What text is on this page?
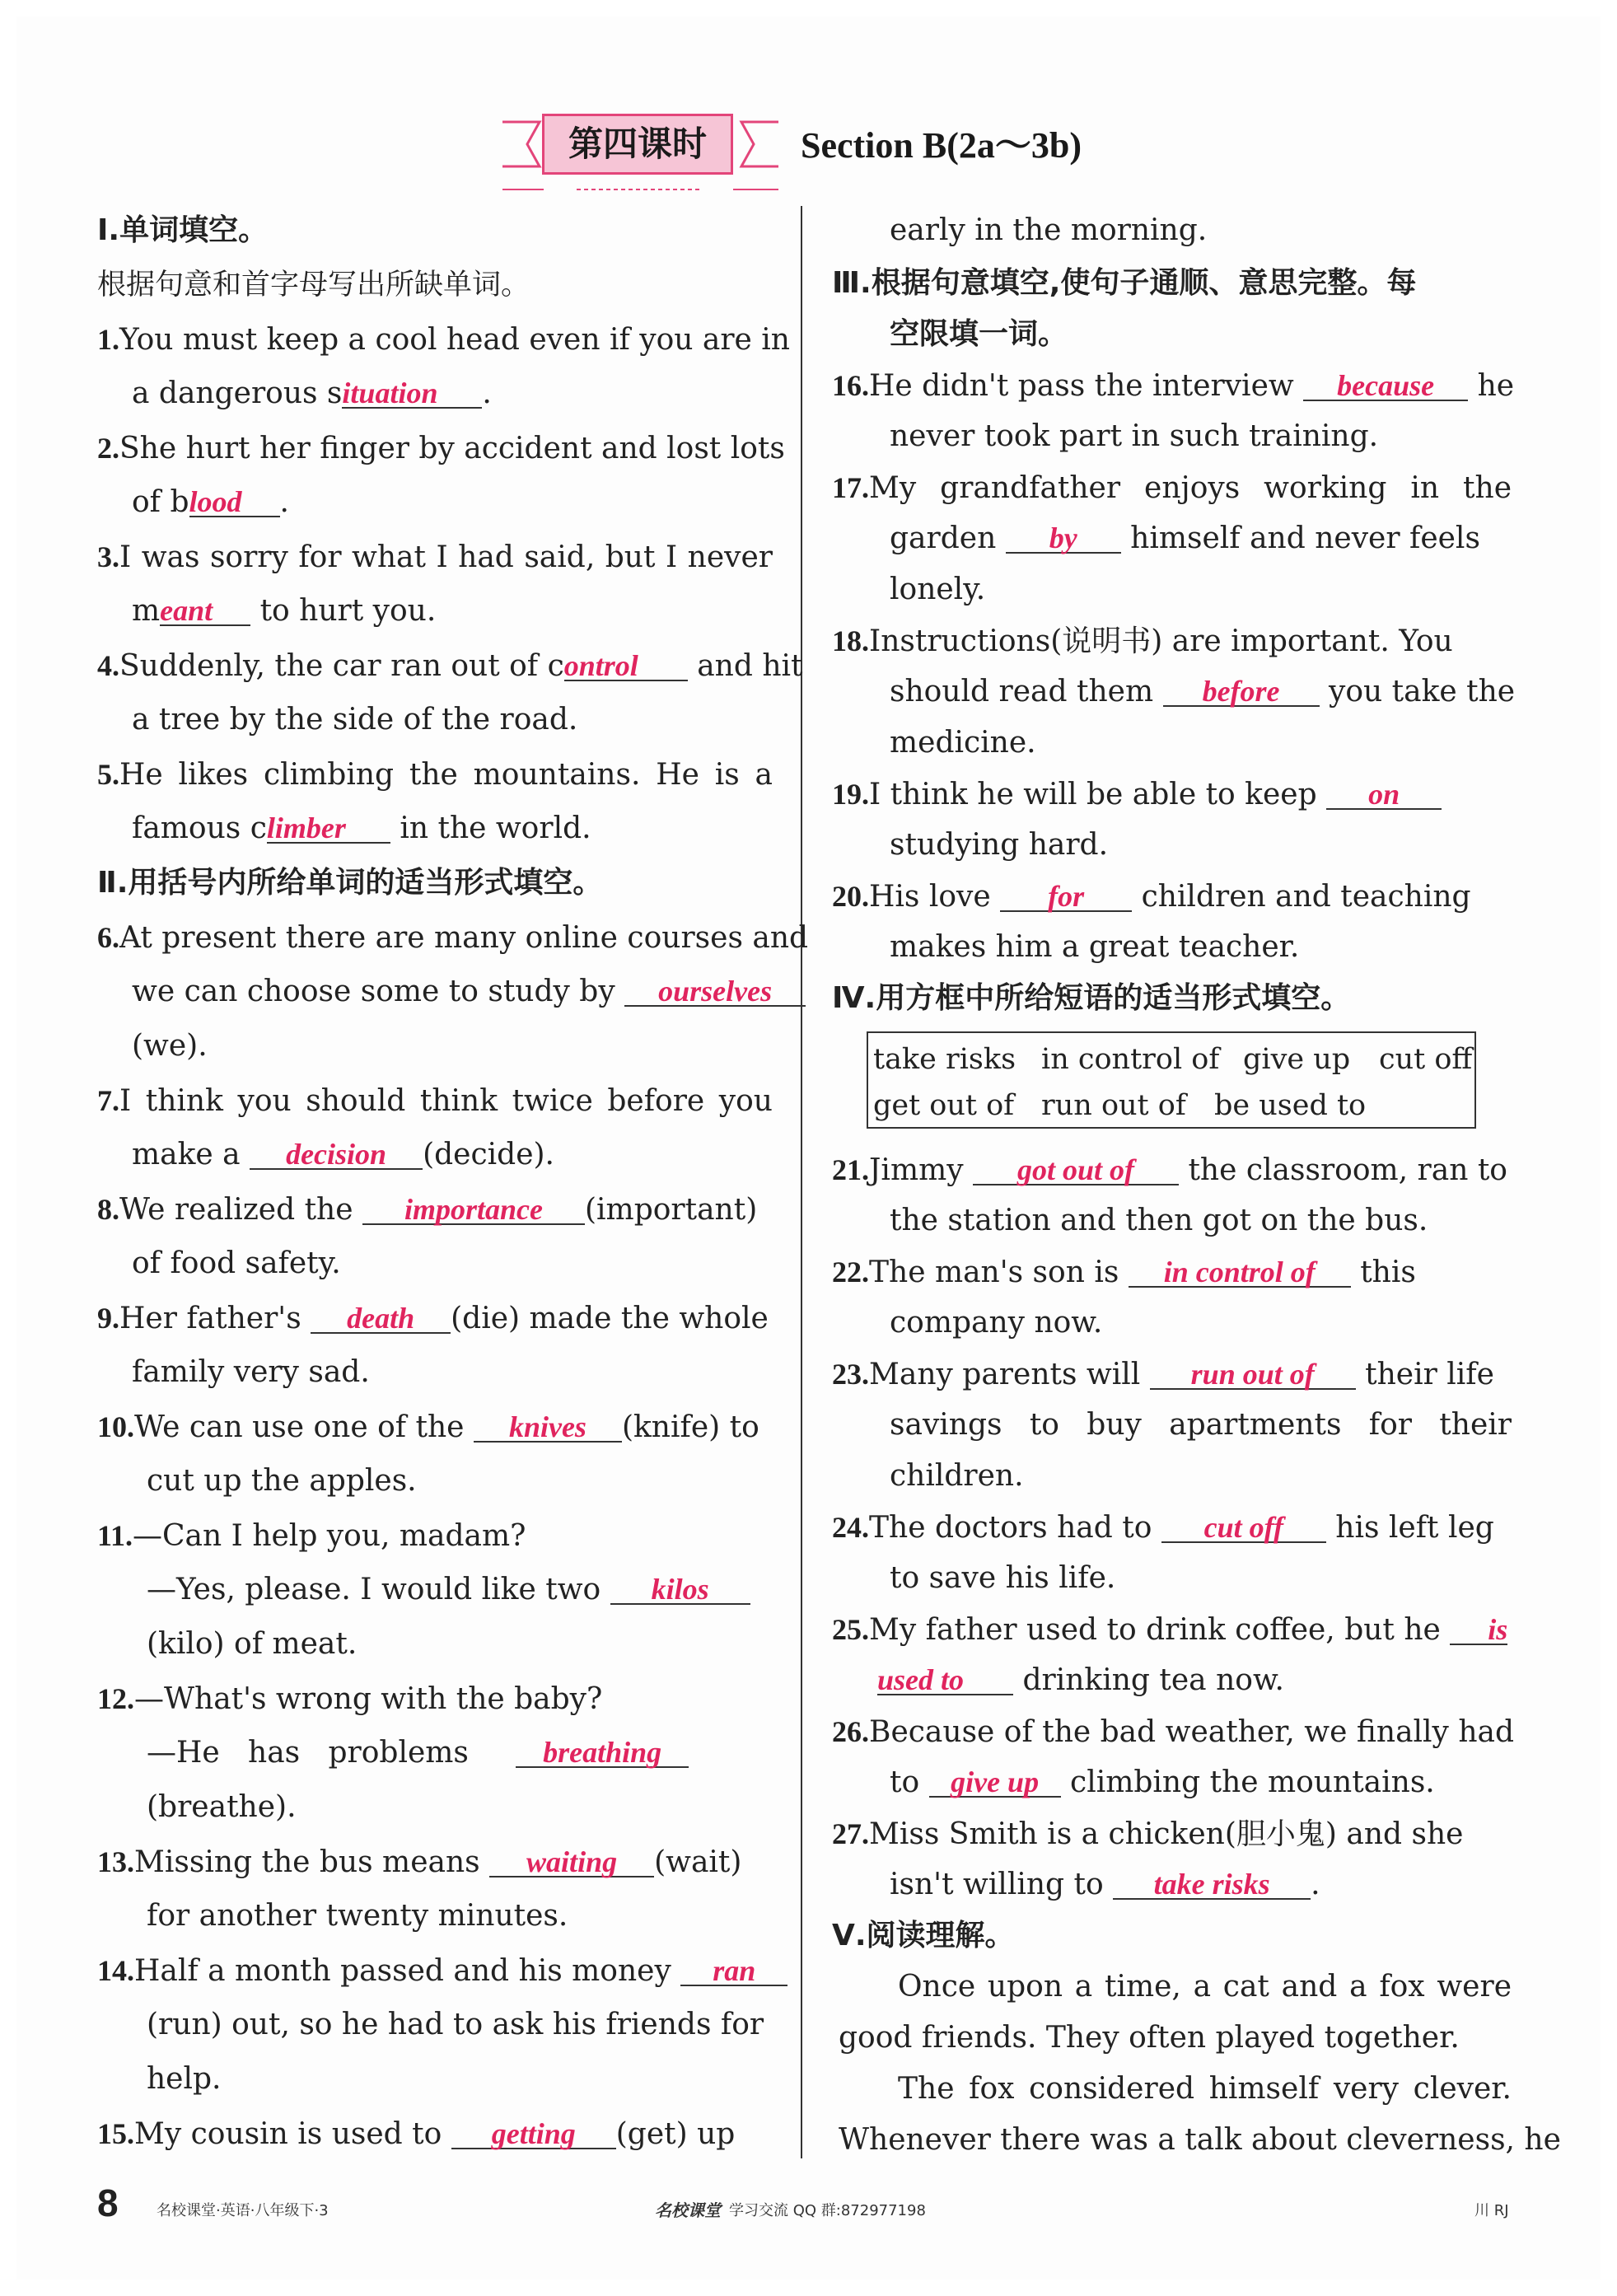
第四课时	Section B(2a～3b)
Ⅰ.单词填空。
根据句意和首字母写出所缺单词。
1.You must keep a cool head even if you are in
a dangerous situation .
2.She hurt her finger by accident and lost lots
of blood .
3.I was sorry for what I had said, but I never
meant to hurt you.
4.Suddenly, the car ran out of control and hit
a tree by the side of the road.
5.He likes climbing the mountains. He is a
famous climber in the world.
Ⅱ.用括号内所给单词的适当形式填空。
6.At present there are many online courses and
we can choose some to study by ourselves
(we).
7.I think you should think twice before you
make a decision (decide).
8.We realized the importance (important)
of food safety.
9.Her father's death (die) made the whole
family very sad.
10.We can use one of the knives (knife) to
cut up the apples.
11.—Can I help you, madam?
—Yes, please. I would like two kilos
(kilo) of meat.
12.—What's wrong with the baby?
—He   has   problems	breathing
(breathe).
13.Missing the bus means waiting (wait)
for another twenty minutes.
14.Half a month passed and his money ran
(run) out, so he had to ask his friends for
help.
15.My cousin is used to getting (get) up
early in the morning.
Ⅲ.根据句意填空,使句子通顺、意思完整。每
空限填一词。
16.He didn't pass the interview because he
never took part in such training.
17.My grandfather enjoys working in the
garden by himself and never feels
lonely.
18.Instructions(说明书) are important. You
should read them before you take the
medicine.
19.I think he will be able to keep on
studying hard.
20.His love for children and teaching
makes him a great teacher.
Ⅳ.用方框中所给短语的适当形式填空。
take risks in control of give up cut off
get out of run out of be used to
21.Jimmy got out of the classroom, ran to
the station and then got on the bus.
22.The man's son is in control of this
company now.
23.Many parents will run out of their life
savings to buy apartments for their
children.
24.The doctors had to cut off his left leg
to save his life.
25.My father used to drink coffee, but he is
used to drinking tea now.
26.Because of the bad weather, we finally had
to give up climbing the mountains.
27.Miss Smith is a chicken(胆小鬼) and she
isn't willing to take risks .
Ⅴ.阅读理解。
Once upon a time, a cat and a fox were
good friends. They often played together.
The fox considered himself very clever.
Whenever there was a talk about cleverness, he
8	名校课堂·英语·八年级下·3	名校课堂 学习交流 QQ 群:872977198	川 RJ
